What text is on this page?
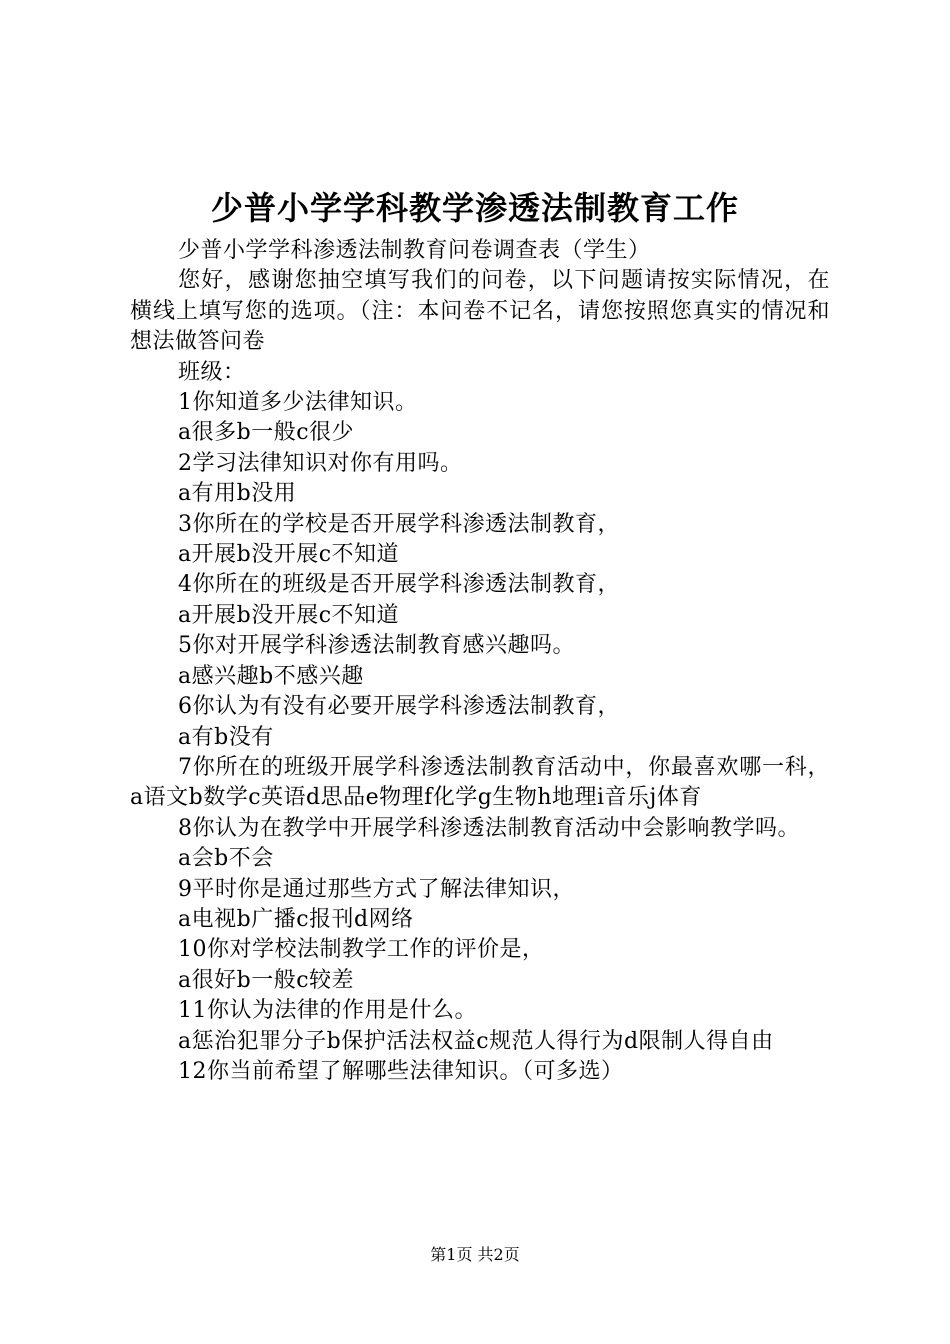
少普小学学科教学渗透法制教育工作

少普小学学科渗透法制教育问卷调查表（学生）

您好，感谢您抽空填写我们的问卷，以下问题请按实际情况，在横线上填写您的选项。（注：本问卷不记名，请您按照您真实的情况和想法做答问卷

班级：

1你知道多少法律知识。

a很多b一般c很少

2学习法律知识对你有用吗。

a有用b没用

3你所在的学校是否开展学科渗透法制教育，

a开展b没开展c不知道

4你所在的班级是否开展学科渗透法制教育，

a开展b没开展c不知道

5你对开展学科渗透法制教育感兴趣吗。

a感兴趣b不感兴趣

6你认为有没有必要开展学科渗透法制教育，

a有b没有

7你所在的班级开展学科渗透法制教育活动中，你最喜欢哪一科，a语文b数学c英语d思品e物理f化学g生物h地理i音乐j体育

8你认为在教学中开展学科渗透法制教育活动中会影响教学吗。

a会b不会

9平时你是通过那些方式了解法律知识，

a电视b广播c报刊d网络

10你对学校法制教学工作的评价是，

a很好b一般c较差

11你认为法律的作用是什么。

a惩治犯罪分子b保护活法权益c规范人得行为d限制人得自由

12你当前希望了解哪些法律知识。（可多选）

第1页 共2页
